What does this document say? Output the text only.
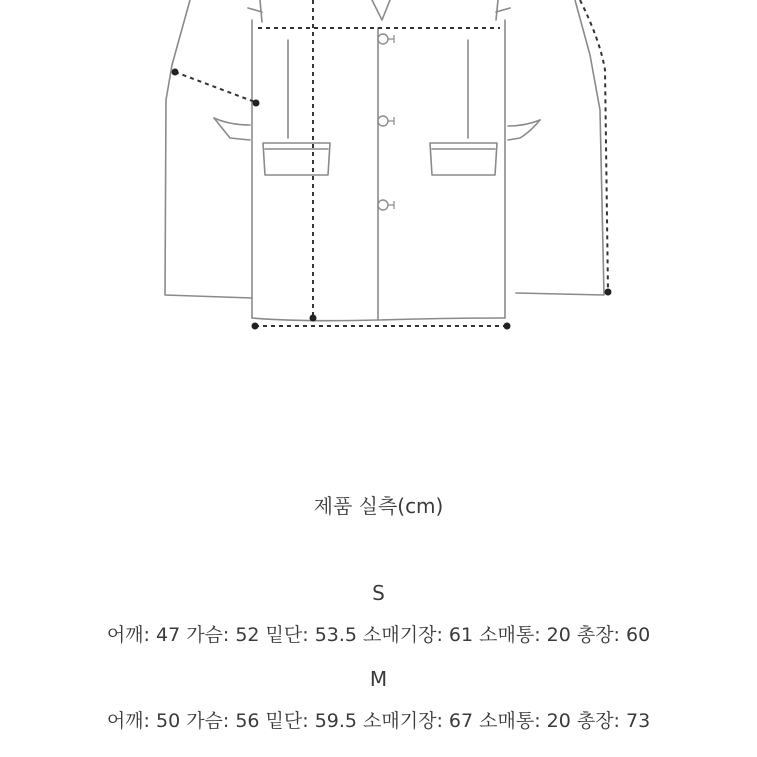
제품 실측(cm)
S
어깨: 47 가슴: 52 밑단: 53.5 소매기장: 61 소매통: 20 총장: 60
M
어깨: 50 가슴: 56 밑단: 59.5 소매기장: 67 소매통: 20 총장: 73
